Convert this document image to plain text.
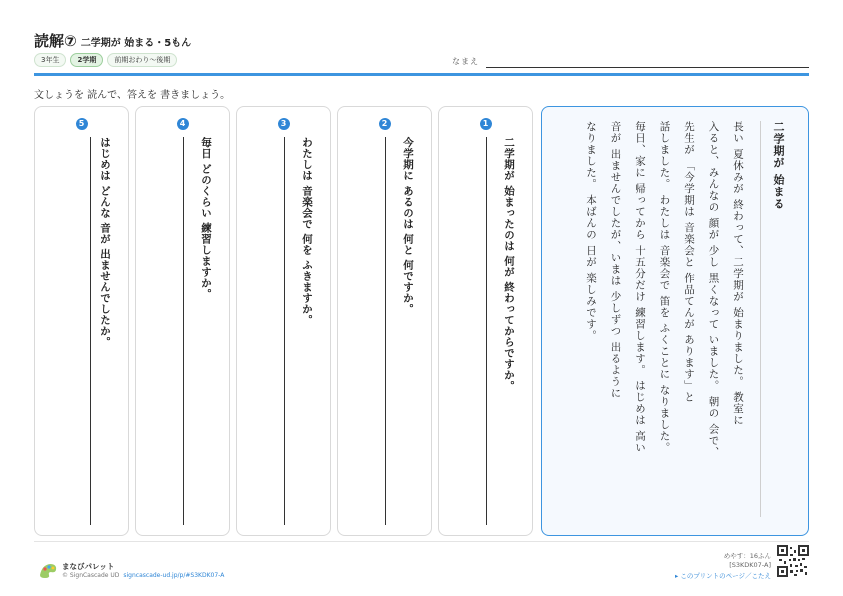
読解⑦ 二学期が 始まる・5もん
3年生	2学期	前期おわり〜後期	なまえ
文しょうを 読んで、答えを 書きましょう。
1
二学期が 始まったのは 何が 終わってからですか。
2
今学期に あるのは 何と 何ですか。
3
わたしは 音楽会で 何を ふきますか。
4
毎日 どのくらい 練習しますか。
5
はじめは どんな 音が 出ませんでしたか。	二学期が 始まる

長い 夏休みが 終わって、二学期が 始まりました。 教室に

入ると、みんなの 顔が 少し 黒くなって いました。 朝の 会で、

先生が 「今学期は 音楽会と 作品てんが あります」と

話しました。 わたしは 音楽会で 笛を ふくことに なりました。

毎日、家に 帰ってから 十五分だけ 練習します。 はじめは 高い

音が 出ませんでしたが、いまは 少しずつ 出るように

なりました。 本ばんの 日が 楽しみです。

まなびパレット
© SignCascade UD signcascade-ud.jp/p/#S3KDK07-A
めやす：16ふん
[S3KDK07-A]
▸ このプリントのページ／こたえ
